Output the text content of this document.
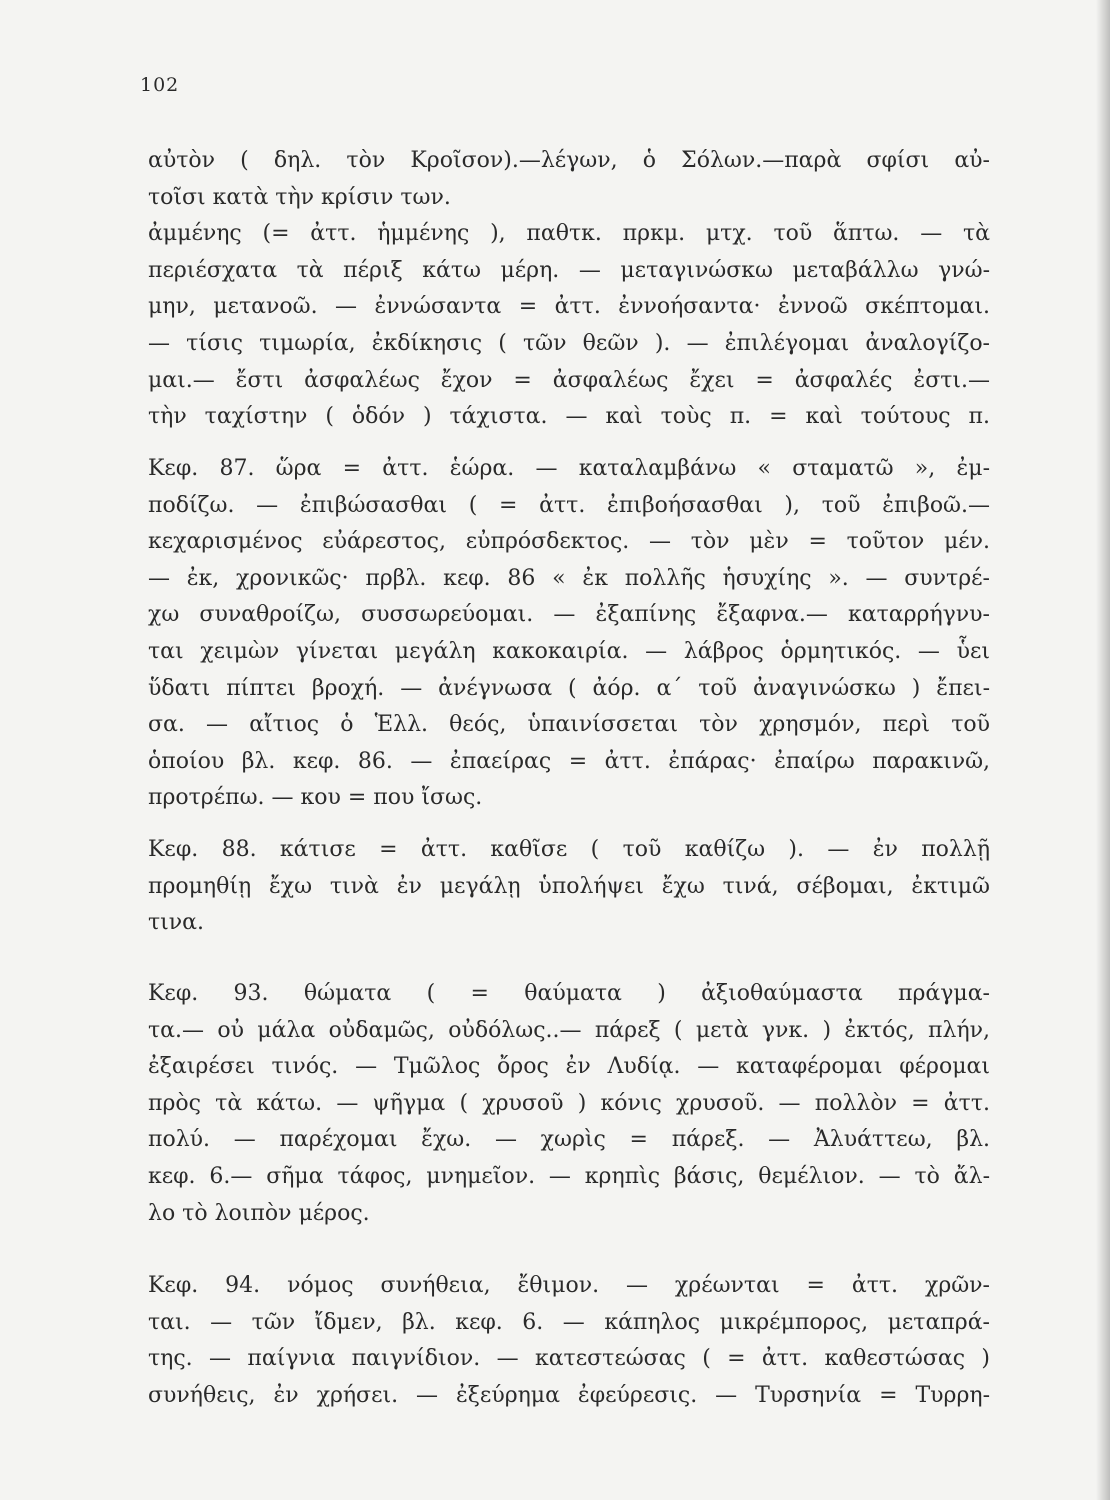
102
αὐτὸν ( δηλ. τὸν Κροῖσον).—λέγων, ὁ Σόλων.—παρὰ σφίσι αὐ-
τοῖσι κατὰ τὴν κρίσιν των.
ἀμμένης (= ἀττ. ἡμμένης ), παθτκ. πρκμ. μτχ. τοῦ ἅπτω. — τὰ
περιέσχατα τὰ πέριξ κάτω μέρη. — μεταγινώσκω μεταβάλλω γνώ-
μην, μετανοῶ. — ἐννώσαντα = ἀττ. ἐννοήσαντα· ἐννοῶ σκέπτομαι.
— τίσις τιμωρία, ἐκδίκησις ( τῶν θεῶν ). — ἐπιλέγομαι ἀναλογίζο-
μαι.— ἔστι ἀσφαλέως ἔχον = ἀσφαλέως ἔχει = ἀσφαλές ἐστι.—
τὴν ταχίστην ( ὁδόν ) τάχιστα. — καὶ τοὺς π. = καὶ τούτους π.
Κεφ. 87. ὥρα = ἀττ. ἑώρα. — καταλαμβάνω « σταματῶ », ἐμ-
ποδίζω. — ἐπιβώσασθαι ( = ἀττ. ἐπιβοήσασθαι ), τοῦ ἐπιβοῶ.—
κεχαρισμένος εὐάρεστος, εὐπρόσδεκτος. — τὸν μὲν = τοῦτον μέν.
— ἐκ, χρονικῶς· πρβλ. κεφ. 86 « ἐκ πολλῆς ἡσυχίης ». — συντρέ-
χω συναθροίζω, συσσωρεύομαι. — ἐξαπίνης ἔξαφνα.— καταρρήγνυ-
ται χειμὼν γίνεται μεγάλη κακοκαιρία. — λάβρος ὁρμητικός. — ὗει
ὕδατι πίπτει βροχή. — ἀνέγνωσα ( ἀόρ. α΄ τοῦ ἀναγινώσκω ) ἔπει-
σα. — αἴτιος ὁ Ἑλλ. θεός, ὑπαινίσσεται τὸν χρησμόν, περὶ τοῦ
ὁποίου βλ. κεφ. 86. — ἐπαείρας = ἀττ. ἐπάρας· ἐπαίρω παρακινῶ,
προτρέπω. — κου = που ἴσως.
Κεφ. 88. κάτισε = ἀττ. καθῖσε ( τοῦ καθίζω ). — ἐν πολλῇ
προμηθίῃ ἔχω τινὰ ἐν μεγάλῃ ὑπολήψει ἔχω τινά, σέβομαι, ἐκτιμῶ
τινα.
Κεφ. 93. θώματα ( = θαύματα ) ἀξιοθαύμαστα πράγμα-
τα.— οὐ μάλα οὐδαμῶς, οὐδόλως..— πάρεξ ( μετὰ γνκ. ) ἐκτός, πλήν,
ἐξαιρέσει τινός. — Τμῶλος ὄρος ἐν Λυδίᾳ. — καταφέρομαι φέρομαι
πρὸς τὰ κάτω. — ψῆγμα ( χρυσοῦ ) κόνις χρυσοῦ. — πολλὸν = ἀττ.
πολύ. — παρέχομαι ἔχω. — χωρὶς = πάρεξ. — Ἀλυάττεω, βλ.
κεφ. 6.— σῆμα τάφος, μνημεῖον. — κρηπὶς βάσις, θεμέλιον. — τὸ ἄλ-
λο τὸ λοιπὸν μέρος.
Κεφ. 94. νόμος συνήθεια, ἔθιμον. — χρέωνται = ἀττ. χρῶν-
ται. — τῶν ἴδμεν, βλ. κεφ. 6. — κάπηλος μικρέμπορος, μεταπρά-
της. — παίγνια παιγνίδιον. — κατεστεώσας ( = ἀττ. καθεστώσας )
συνήθεις, ἐν χρήσει. — ἐξεύρημα ἐφεύρεσις. — Τυρσηνία = Τυρρη-
